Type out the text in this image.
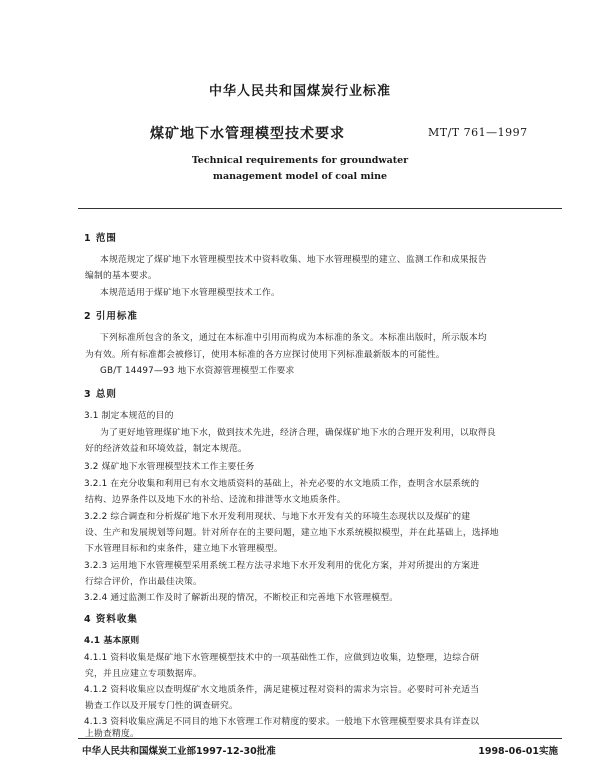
中华人民共和国煤炭行业标准
煤矿地下水管理模型技术要求	MT/T 761—1997
Technical requirements for groundwater
management model of coal mine
1 范围
本规范规定了煤矿地下水管理模型技术中资料收集、地下水管理模型的建立、监测工作和成果报告
编制的基本要求。
本规范适用于煤矿地下水管理模型技术工作。
2 引用标准
下列标准所包含的条文，通过在本标准中引用而构成为本标准的条文。本标准出版时，所示版本均
为有效。所有标准都会被修订，使用本标准的各方应探讨使用下列标准最新版本的可能性。
GB/T 14497—93 地下水资源管理模型工作要求
3 总则
3.1 制定本规范的目的
为了更好地管理煤矿地下水，做到技术先进，经济合理，确保煤矿地下水的合理开发利用，以取得良
好的经济效益和环境效益，制定本规范。
3.2 煤矿地下水管理模型技术工作主要任务
3.2.1 在充分收集和利用已有水文地质资料的基础上，补充必要的水文地质工作，查明含水层系统的
结构、边界条件以及地下水的补给、迳流和排泄等水文地质条件。
3.2.2 综合调查和分析煤矿地下水开发利用现状、与地下水开发有关的环境生态现状以及煤矿的建
设、生产和发展规划等问题。针对所存在的主要问题，建立地下水系统模拟模型，并在此基础上，选择地
下水管理目标和约束条件，建立地下水管理模型。
3.2.3 运用地下水管理模型采用系统工程方法寻求地下水开发利用的优化方案，并对所提出的方案进
行综合评价，作出最佳决策。
3.2.4 通过监测工作及时了解新出现的情况，不断校正和完善地下水管理模型。
4 资料收集
4.1 基本原则
4.1.1 资料收集是煤矿地下水管理模型技术中的一项基础性工作，应做到边收集，边整理，边综合研
究，并且应建立专项数据库。
4.1.2 资料收集应以查明煤矿水文地质条件，满足建模过程对资料的需求为宗旨。必要时可补充适当
勘查工作以及开展专门性的调查研究。
4.1.3 资料收集应满足不同目的地下水管理工作对精度的要求。一般地下水管理模型要求具有详查以
上勘查精度。
中华人民共和国煤炭工业部1997-12-30批准	1998-06-01实施
